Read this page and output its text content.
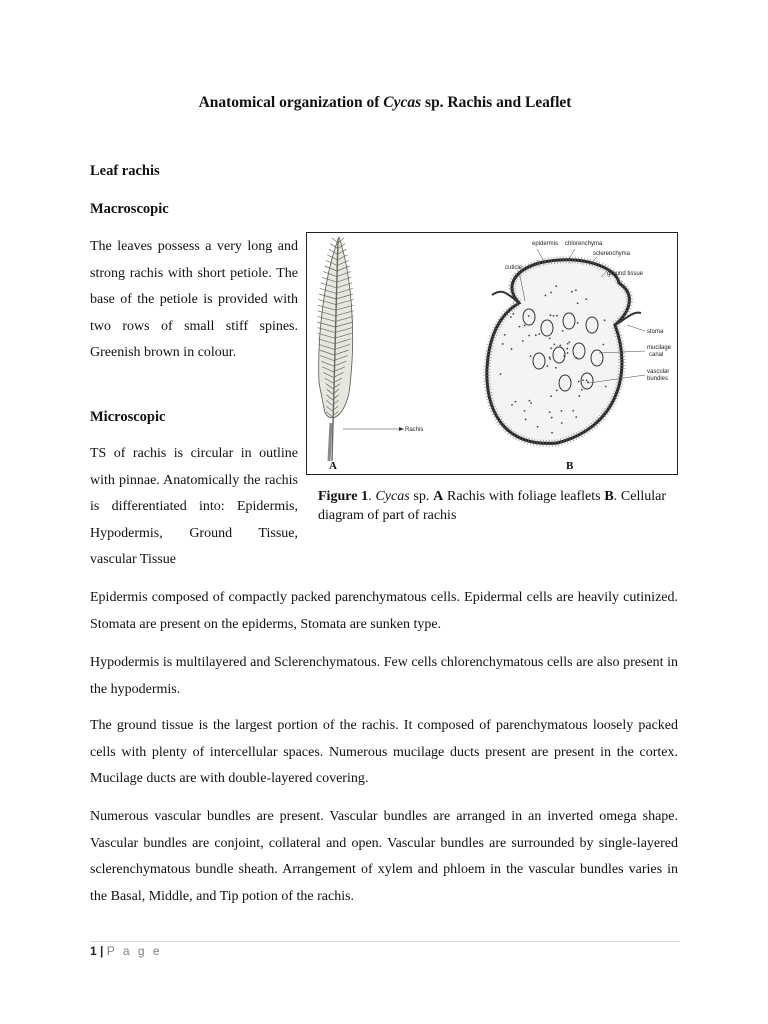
Anatomical organization of Cycas sp. Rachis and Leaflet
Leaf rachis
Macroscopic

The leaves possess a very long and strong rachis with short petiole. The base of the petiole is provided with two rows of small stiff spines. Greenish brown in colour.

Microscopic

TS of rachis is circular in outline with pinnae. Anatomically the rachis is differentiated into: Epidermis, Hypodermis, Ground Tissue, vascular Tissue

Rachis
A
cuticle
epidermis chlorenchyma
sclerenchyma
ground tissue
stoma
mucilage
canal
vascular
bundles
B

Figure 1. Cycas sp. A Rachis with foliage leaflets B. Cellular diagram of part of rachis

Epidermis composed of compactly packed parenchymatous cells. Epidermal cells are heavily cutinized. Stomata are present on the epiderms, Stomata are sunken type.

Hypodermis is multilayered and Sclerenchymatous. Few cells chlorenchymatous cells are also present in the hypodermis.

The ground tissue is the largest portion of the rachis. It composed of parenchymatous loosely packed cells with plenty of intercellular spaces. Numerous mucilage ducts present are present in the cortex. Mucilage ducts are with double-layered covering.

Numerous vascular bundles are present. Vascular bundles are arranged in an inverted omega shape. Vascular bundles are conjoint, collateral and open. Vascular bundles are surrounded by single-layered sclerenchymatous bundle sheath. Arrangement of xylem and phloem in the vascular bundles varies in the Basal, Middle, and Tip potion of the rachis.

1 | P a g e
